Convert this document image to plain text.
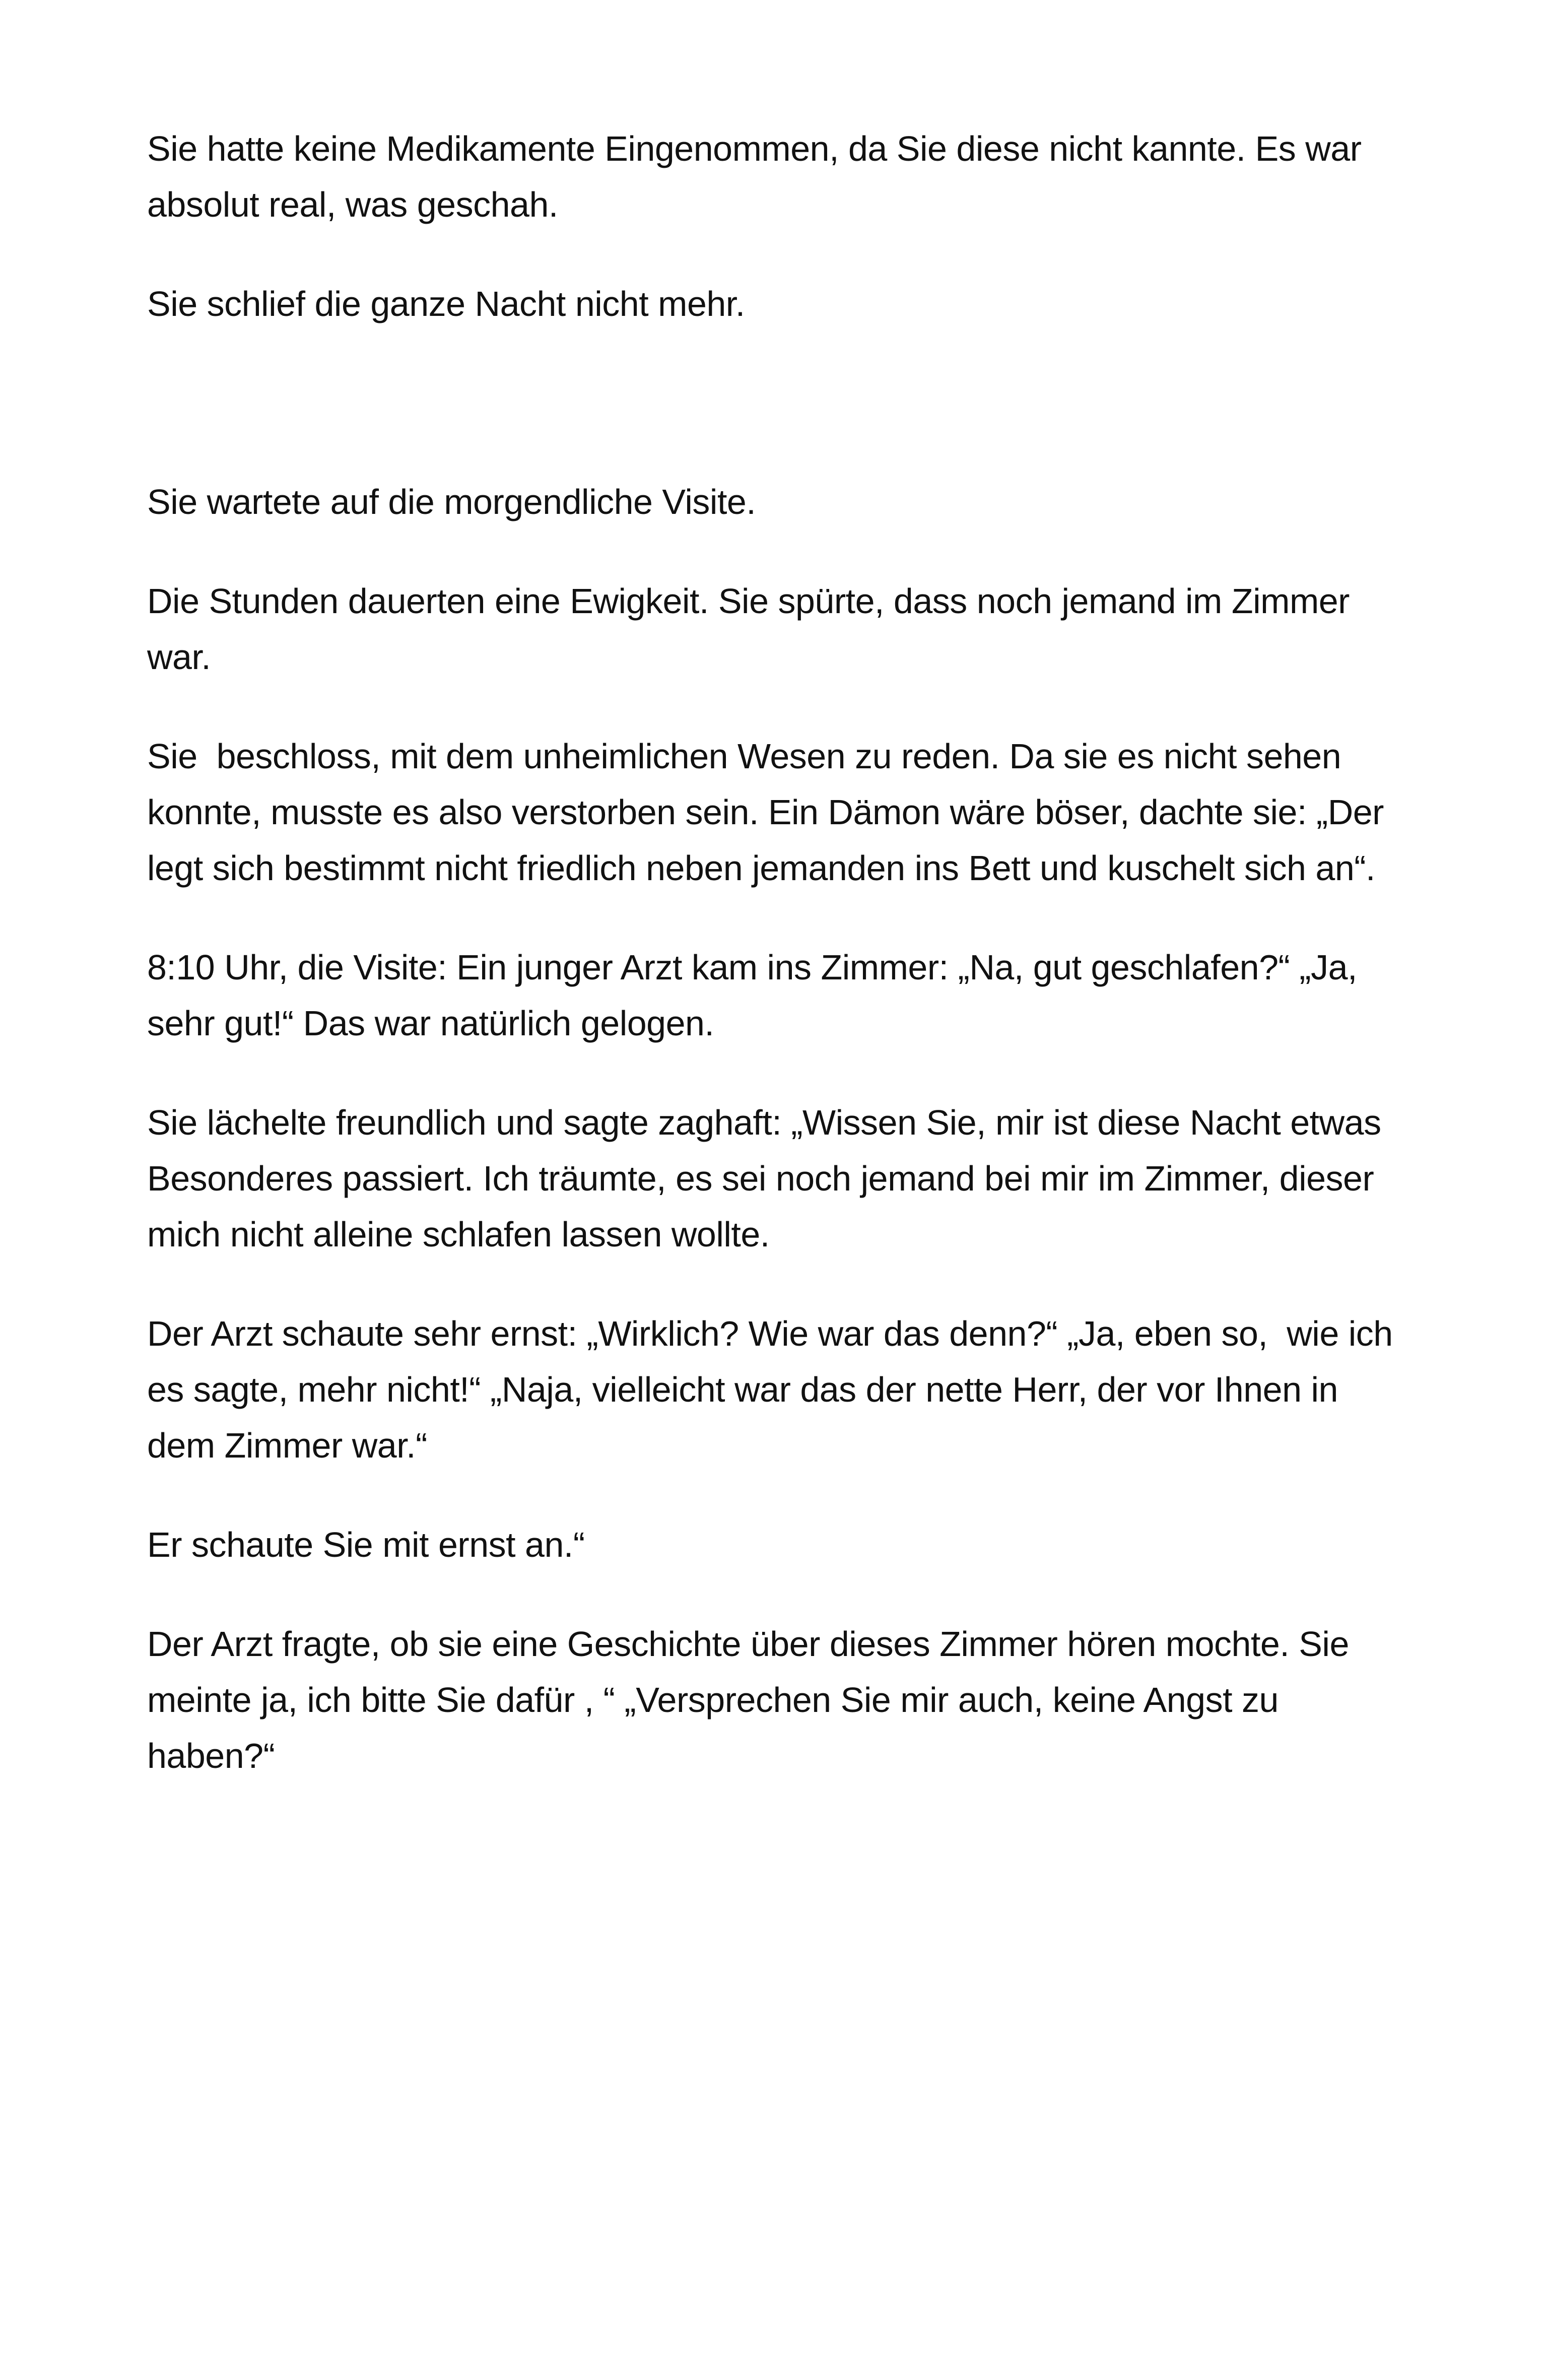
Sie hatte keine Medikamente Eingenommen, da Sie diese nicht kannte. Es war absolut real, was geschah.

Sie schlief die ganze Nacht nicht mehr.

Sie wartete auf die morgendliche Visite.

Die Stunden dauerten eine Ewigkeit. Sie spürte, dass noch jemand im Zimmer war.

Sie  beschloss, mit dem unheimlichen Wesen zu reden. Da sie es nicht sehen konnte, musste es also verstorben sein. Ein Dämon wäre böser, dachte sie: „Der legt sich bestimmt nicht friedlich neben jemanden ins Bett und kuschelt sich an“.

8:10 Uhr, die Visite: Ein junger Arzt kam ins Zimmer: „Na, gut geschlafen?“ „Ja, sehr gut!“ Das war natürlich gelogen.

Sie lächelte freundlich und sagte zaghaft: „Wissen Sie, mir ist diese Nacht etwas Besonderes passiert. Ich träumte, es sei noch jemand bei mir im Zimmer, dieser mich nicht alleine schlafen lassen wollte.

Der Arzt schaute sehr ernst: „Wirklich? Wie war das denn?“ „Ja, eben so,  wie ich es sagte, mehr nicht!“ „Naja, vielleicht war das der nette Herr, der vor Ihnen in dem Zimmer war.“

Er schaute Sie mit ernst an.“

Der Arzt fragte, ob sie eine Geschichte über dieses Zimmer hören mochte. Sie meinte ja, ich bitte Sie dafür , “ „Versprechen Sie mir auch, keine Angst zu haben?“
